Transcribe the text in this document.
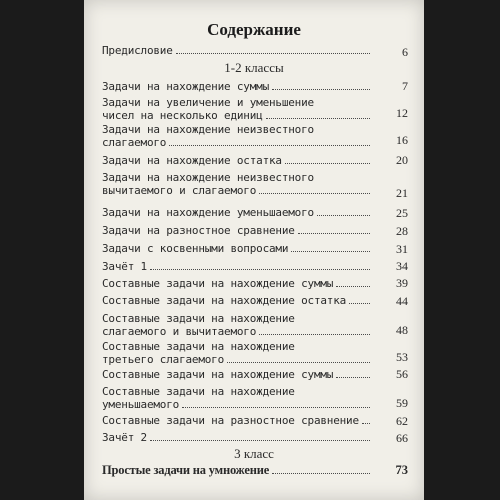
Содержание
1-2 классы
3 класс
Предисловие	6
Задачи на нахождение суммы	7
Задачи на увеличение и уменьшение
чисел на несколько единиц	12
Задачи на нахождение неизвестного
слагаемого	16
Задачи на нахождение остатка	20
Задачи на нахождение неизвестного
вычитаемого и слагаемого	21
Задачи на нахождение уменьшаемого	25
Задачи на разностное сравнение	28
Задачи с косвенными вопросами	31
Зачёт 1	34
Составные задачи на нахождение суммы	39
Составные задачи на нахождение остатка	44
Составные задачи на нахождение
слагаемого и вычитаемого	48
Составные задачи на нахождение
третьего слагаемого	53
Составные задачи на нахождение суммы	56
Составные задачи на нахождение
уменьшаемого	59
Составные задачи на разностное сравнение	62
Зачёт 2	66
Простые задачи на умножение	73
